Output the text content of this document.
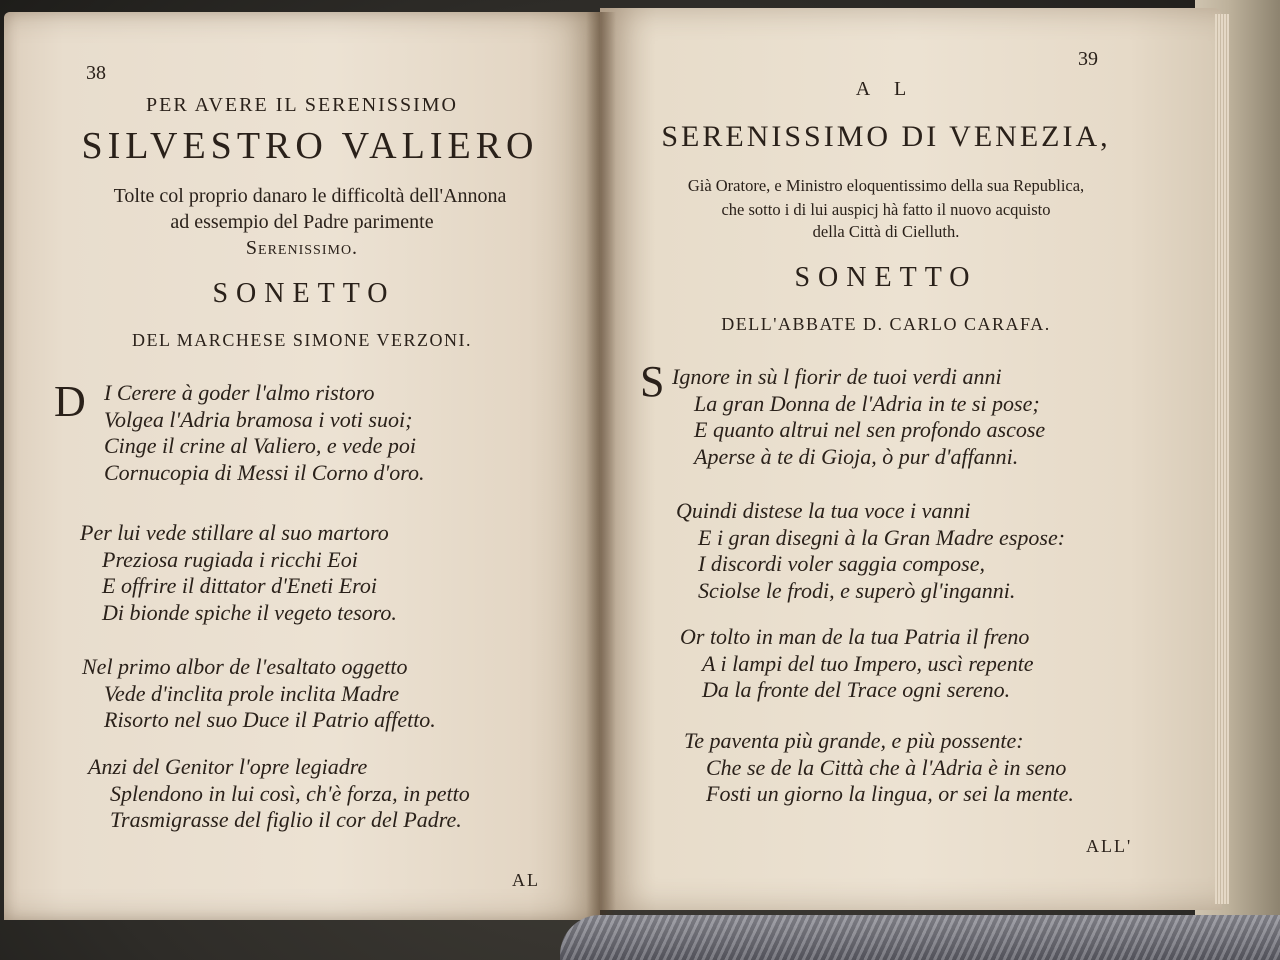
38
PER AVERE IL SERENISSIMO
SILVESTRO VALIERO
Tolte col proprio danaro le difficoltà dell'Annona
ad essempio del Padre parimente
Serenissimo.
SONETTO
DEL MARCHESE SIMONE VERZONI.
D I Cerere à goder l'almo ristoro
Volgea l'Adria bramosa i voti suoi;
Cinge il crine al Valiero, e vede poi
Cornucopia di Messi il Corno d'oro.
Per lui vede stillare al suo martoro
Preziosa rugiada i ricchi Eoi
E offrire il dittator d'Eneti Eroi
Di bionde spiche il vegeto tesoro.
Nel primo albor de l'esaltato oggetto
Vede d'inclita prole inclita Madre
Risorto nel suo Duce il Patrio affetto.
Anzi del Genitor l'opre legiadre
Splendono in lui così, ch'è forza, in petto
Trasmigrasse del figlio il cor del Padre.
AL
39
A L
SERENISSIMO DI VENEZIA,
Già Oratore, e Ministro eloquentissimo della sua Republica,
che sotto i di lui auspicj hà fatto il nuovo acquisto
della Città di Cielluth.
SONETTO
DELL'ABBATE D. CARLO CARAFA.
S Ignore in sù l fiorir de tuoi verdi anni
La gran Donna de l'Adria in te si pose;
E quanto altrui nel sen profondo ascose
Aperse à te di Gioja, ò pur d'affanni.
Quindi distese la tua voce i vanni
E i gran disegni à la Gran Madre espose:
I discordi voler saggia compose,
Sciolse le frodi, e superò gl'inganni.
Or tolto in man de la tua Patria il freno
A i lampi del tuo Impero, uscì repente
Da la fronte del Trace ogni sereno.
Te paventa più grande, e più possente:
Che se de la Città che à l'Adria è in seno
Fosti un giorno la lingua, or sei la mente.
ALL'
